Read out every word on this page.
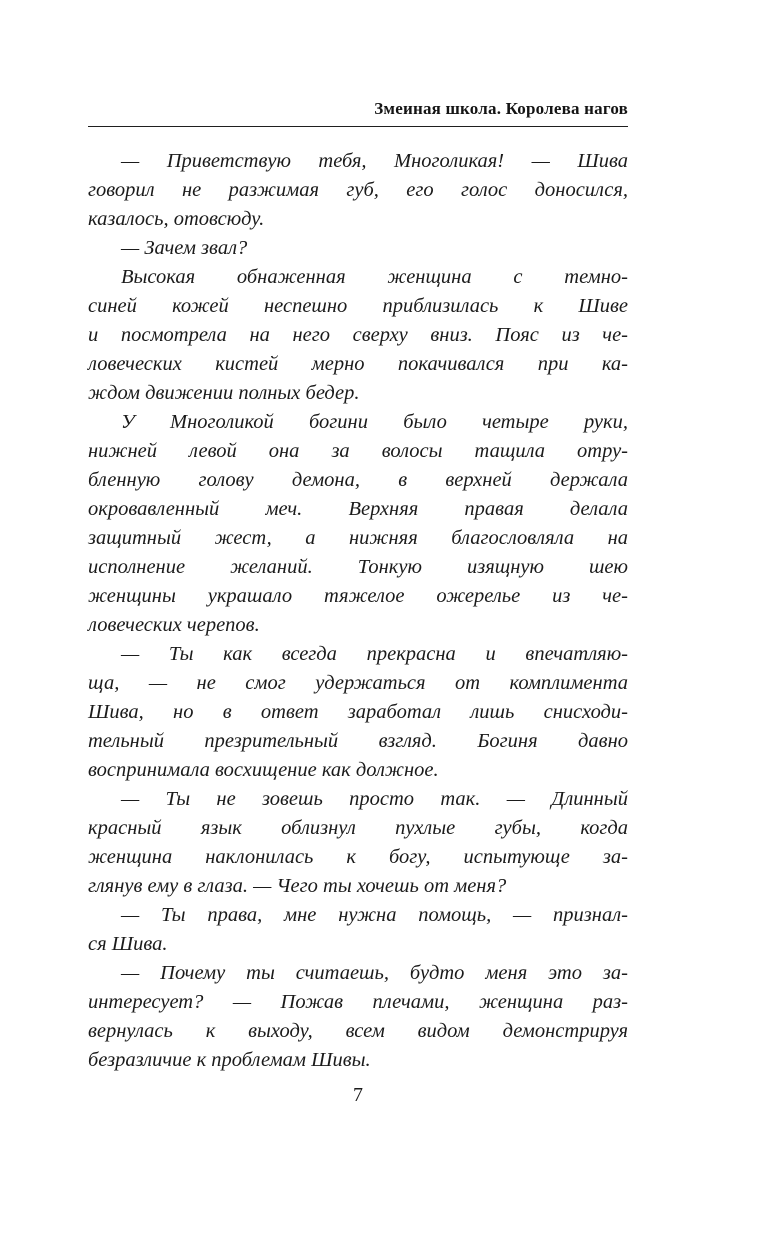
Змеиная школа. Королева нагов
— Приветствую тебя, Многоликая! — Шива
говорил не разжимая губ, его голос доносился,
казалось, отовсюду.
— Зачем звал?
Высокая обнаженная женщина с темно-
синей кожей неспешно приблизилась к Шиве
и посмотрела на него сверху вниз. Пояс из че-
ловеческих кистей мерно покачивался при ка-
ждом движении полных бедер.
У Многоликой богини было четыре руки,
нижней левой она за волосы тащила отру-
бленную голову демона, в верхней держала
окровавленный меч. Верхняя правая делала
защитный жест, а нижняя благословляла на
исполнение желаний. Тонкую изящную шею
женщины украшало тяжелое ожерелье из че-
ловеческих черепов.
— Ты как всегда прекрасна и впечатляю-
ща, — не смог удержаться от комплимента
Шива, но в ответ заработал лишь снисходи-
тельный презрительный взгляд. Богиня давно
воспринимала восхищение как должное.
— Ты не зовешь просто так. — Длинный
красный язык облизнул пухлые губы, когда
женщина наклонилась к богу, испытующе за-
глянув ему в глаза. — Чего ты хочешь от меня?
— Ты права, мне нужна помощь, — признал-
ся Шива.
— Почему ты считаешь, будто меня это за-
интересует? — Пожав плечами, женщина раз-
вернулась к выходу, всем видом демонстрируя
безразличие к проблемам Шивы.
7
